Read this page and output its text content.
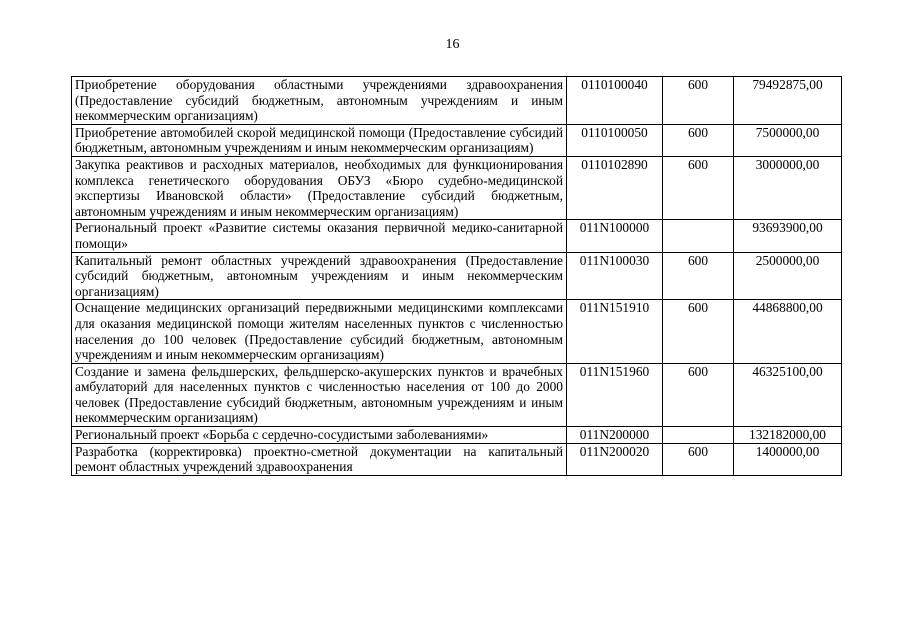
16
Приобретение оборудования областными учреждениями здравоохранения (Предоставление субсидий бюджетным, автономным учреждениям и иным некоммерческим организациям)	0110100040	600	79492875,00
Приобретение автомобилей скорой медицинской помощи (Предоставление субсидий бюджетным, автономным учреждениям и иным некоммерческим организациям)	0110100050	600	7500000,00
Закупка реактивов и расходных материалов, необходимых для функционирования комплекса генетического оборудования ОБУЗ «Бюро судебно-медицинской экспертизы Ивановской области» (Предоставление субсидий бюджетным, автономным учреждениям и иным некоммерческим организациям)	0110102890	600	3000000,00
Региональный проект «Развитие системы оказания первичной медико-санитарной помощи»	011N100000		93693900,00
Капитальный ремонт областных учреждений здравоохранения (Предоставление субсидий бюджетным, автономным учреждениям и иным некоммерческим организациям)	011N100030	600	2500000,00
Оснащение медицинских организаций передвижными медицинскими комплексами для оказания медицинской помощи жителям населенных пунктов с численностью населения до 100 человек (Предоставление субсидий бюджетным, автономным учреждениям и иным некоммерческим организациям)	011N151910	600	44868800,00
Создание и замена фельдшерских, фельдшерско-акушерских пунктов и врачебных амбулаторий для населенных пунктов с численностью населения от 100 до 2000 человек (Предоставление субсидий бюджетным, автономным учреждениям и иным некоммерческим организациям)	011N151960	600	46325100,00
Региональный проект «Борьба с сердечно-сосудистыми заболеваниями»	011N200000		132182000,00
Разработка (корректировка) проектно-сметной документации на капитальный ремонт областных учреждений здравоохранения	011N200020	600	1400000,00
